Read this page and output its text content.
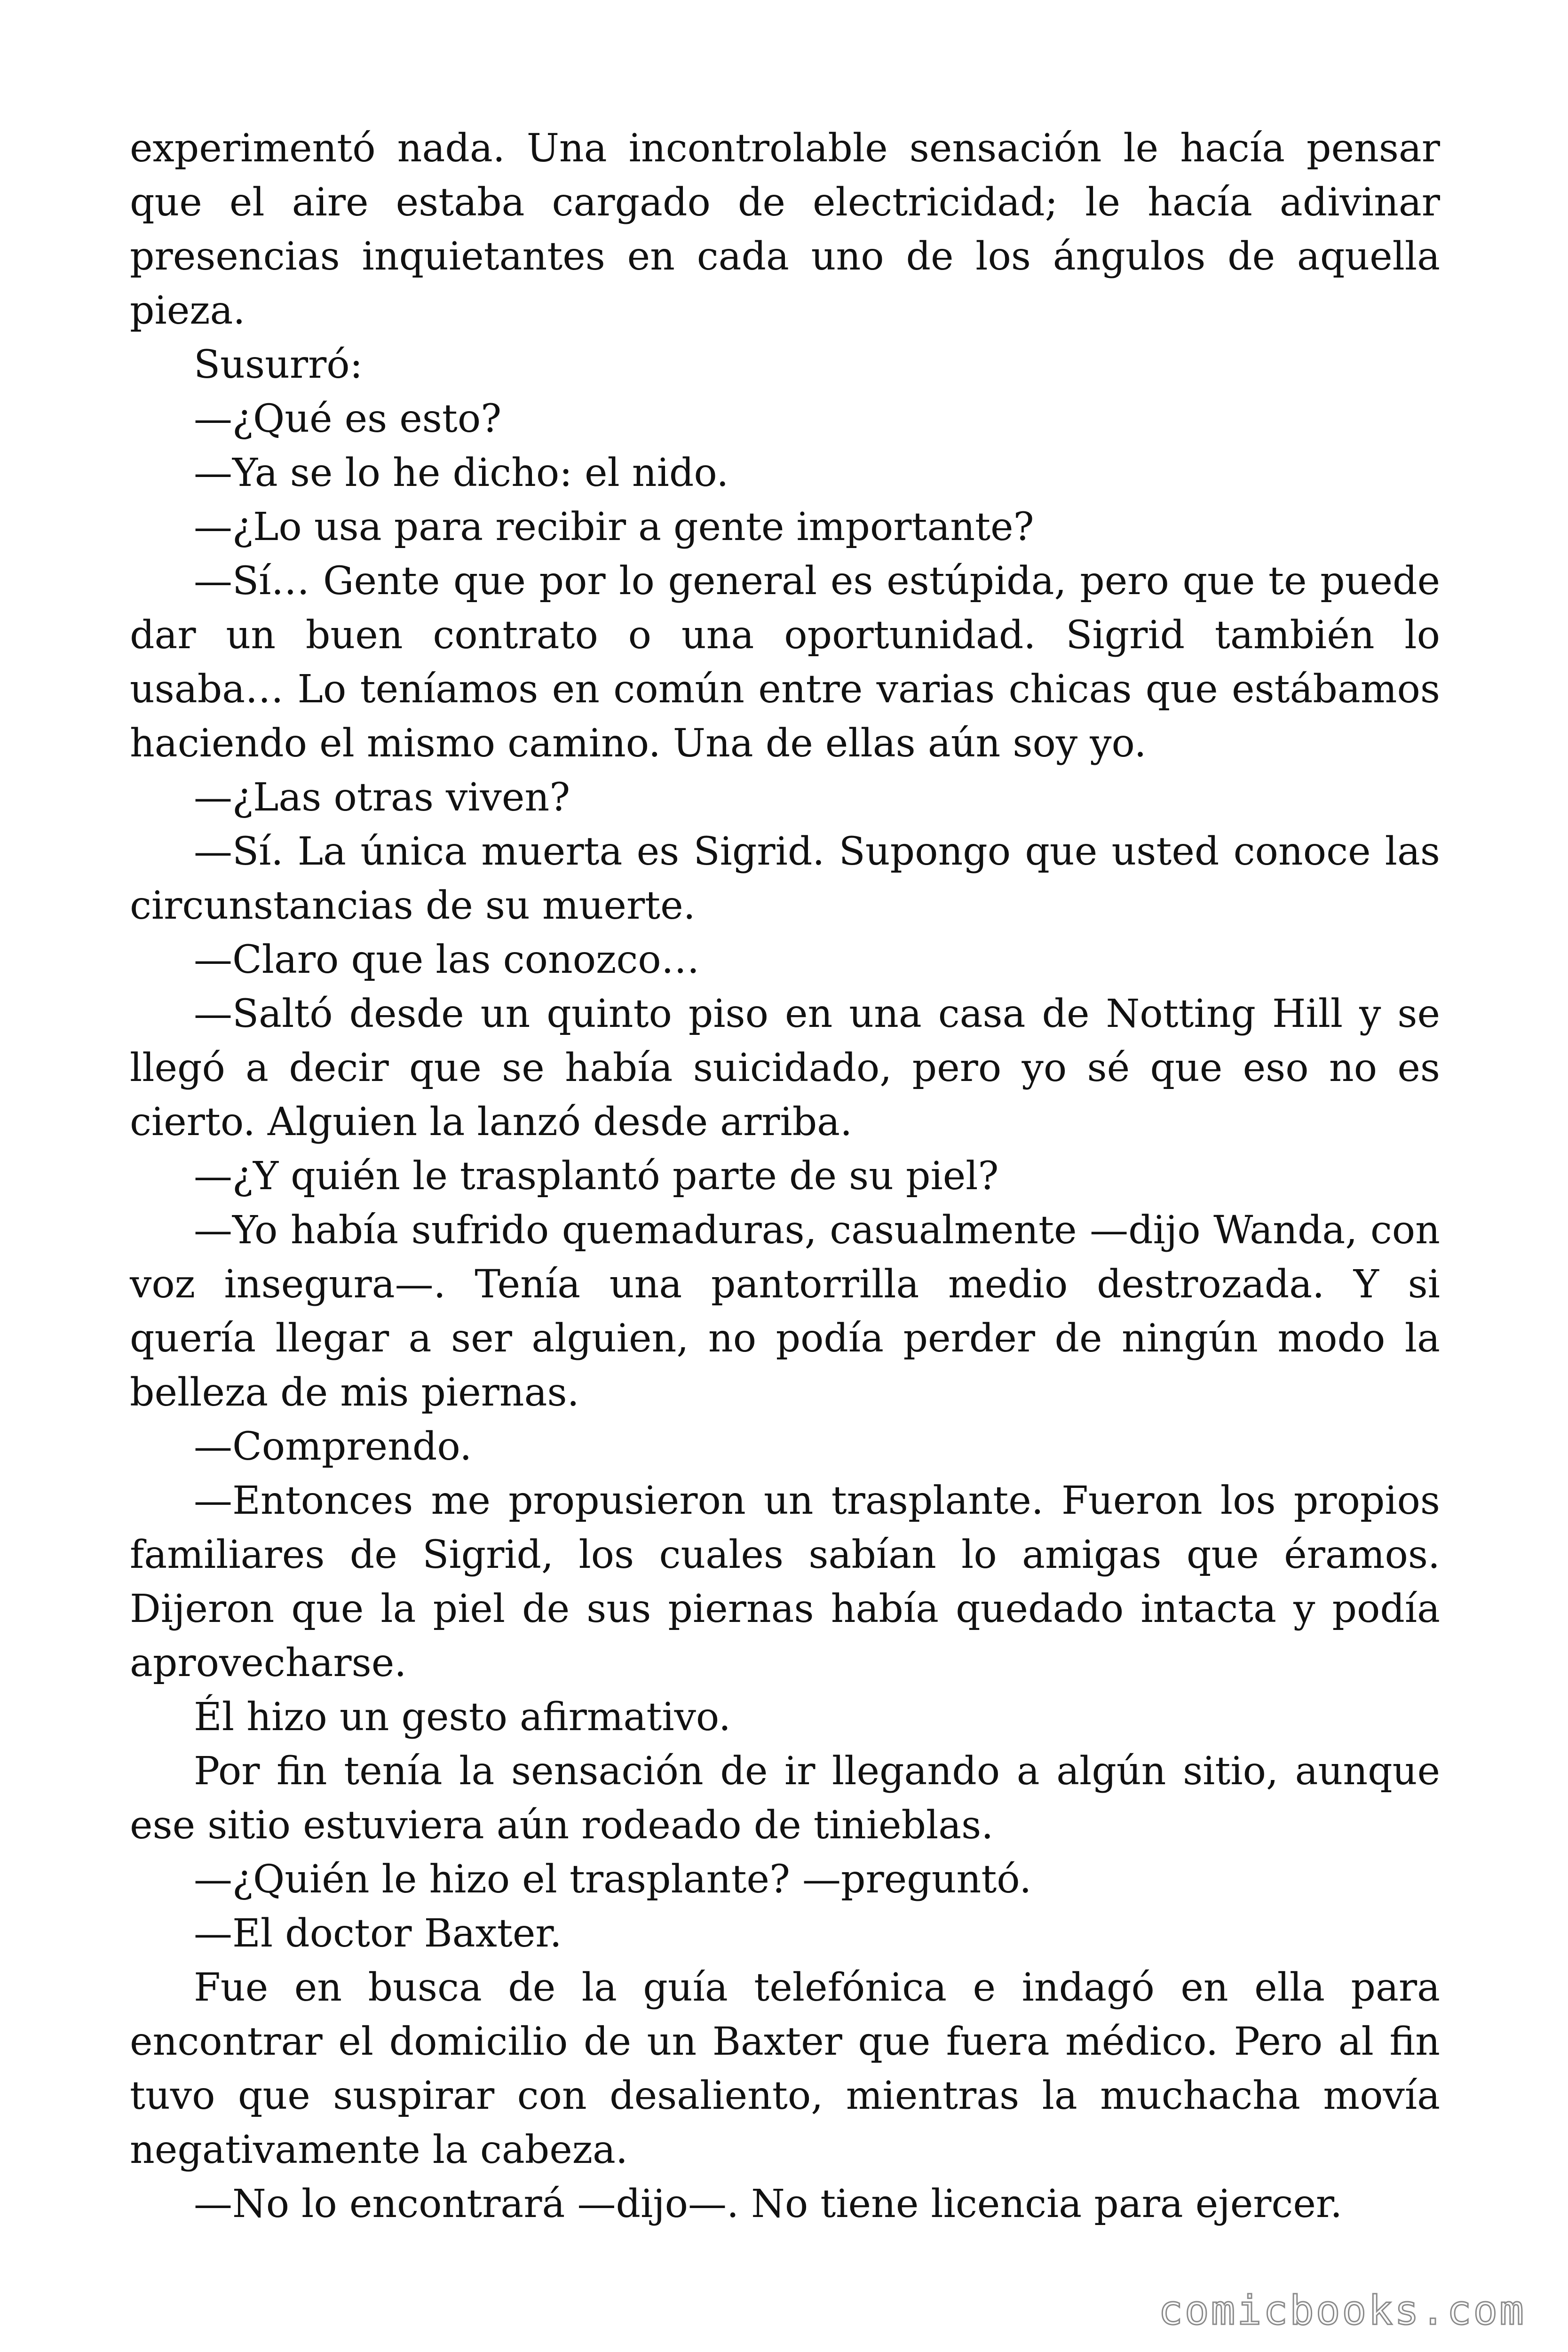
experimentó nada. Una incontrolable sensación le hacía pensar que el aire estaba cargado de electricidad; le hacía adivinar presencias inquietantes en cada uno de los ángulos de aquella pieza.

Susurró:

—¿Qué es esto?

—Ya se lo he dicho: el nido.

—¿Lo usa para recibir a gente importante?

—Sí… Gente que por lo general es estúpida, pero que te puede dar un buen contrato o una oportunidad. Sigrid también lo usaba… Lo teníamos en común entre varias chicas que estábamos haciendo el mismo camino. Una de ellas aún soy yo.

—¿Las otras viven?

—Sí. La única muerta es Sigrid. Supongo que usted conoce las circunstancias de su muerte.

—Claro que las conozco…

—Saltó desde un quinto piso en una casa de Notting Hill y se llegó a decir que se había suicidado, pero yo sé que eso no es cierto. Alguien la lanzó desde arriba.

—¿Y quién le trasplantó parte de su piel?

—Yo había sufrido quemaduras, casualmente —dijo Wanda, con voz insegura—. Tenía una pantorrilla medio destrozada. Y si quería llegar a ser alguien, no podía perder de ningún modo la belleza de mis piernas.

—Comprendo.

—Entonces me propusieron un trasplante. Fueron los propios familiares de Sigrid, los cuales sabían lo amigas que éramos. Dijeron que la piel de sus piernas había quedado intacta y podía aprovecharse.

Él hizo un gesto afirmativo.

Por fin tenía la sensación de ir llegando a algún sitio, aunque ese sitio estuviera aún rodeado de tinieblas.

—¿Quién le hizo el trasplante? —preguntó.

—El doctor Baxter.

Fue en busca de la guía telefónica e indagó en ella para encontrar el domicilio de un Baxter que fuera médico. Pero al fin tuvo que suspirar con desaliento, mientras la muchacha movía negativamente la cabeza.

—No lo encontrará —dijo—. No tiene licencia para ejercer.

comicbooks.com
